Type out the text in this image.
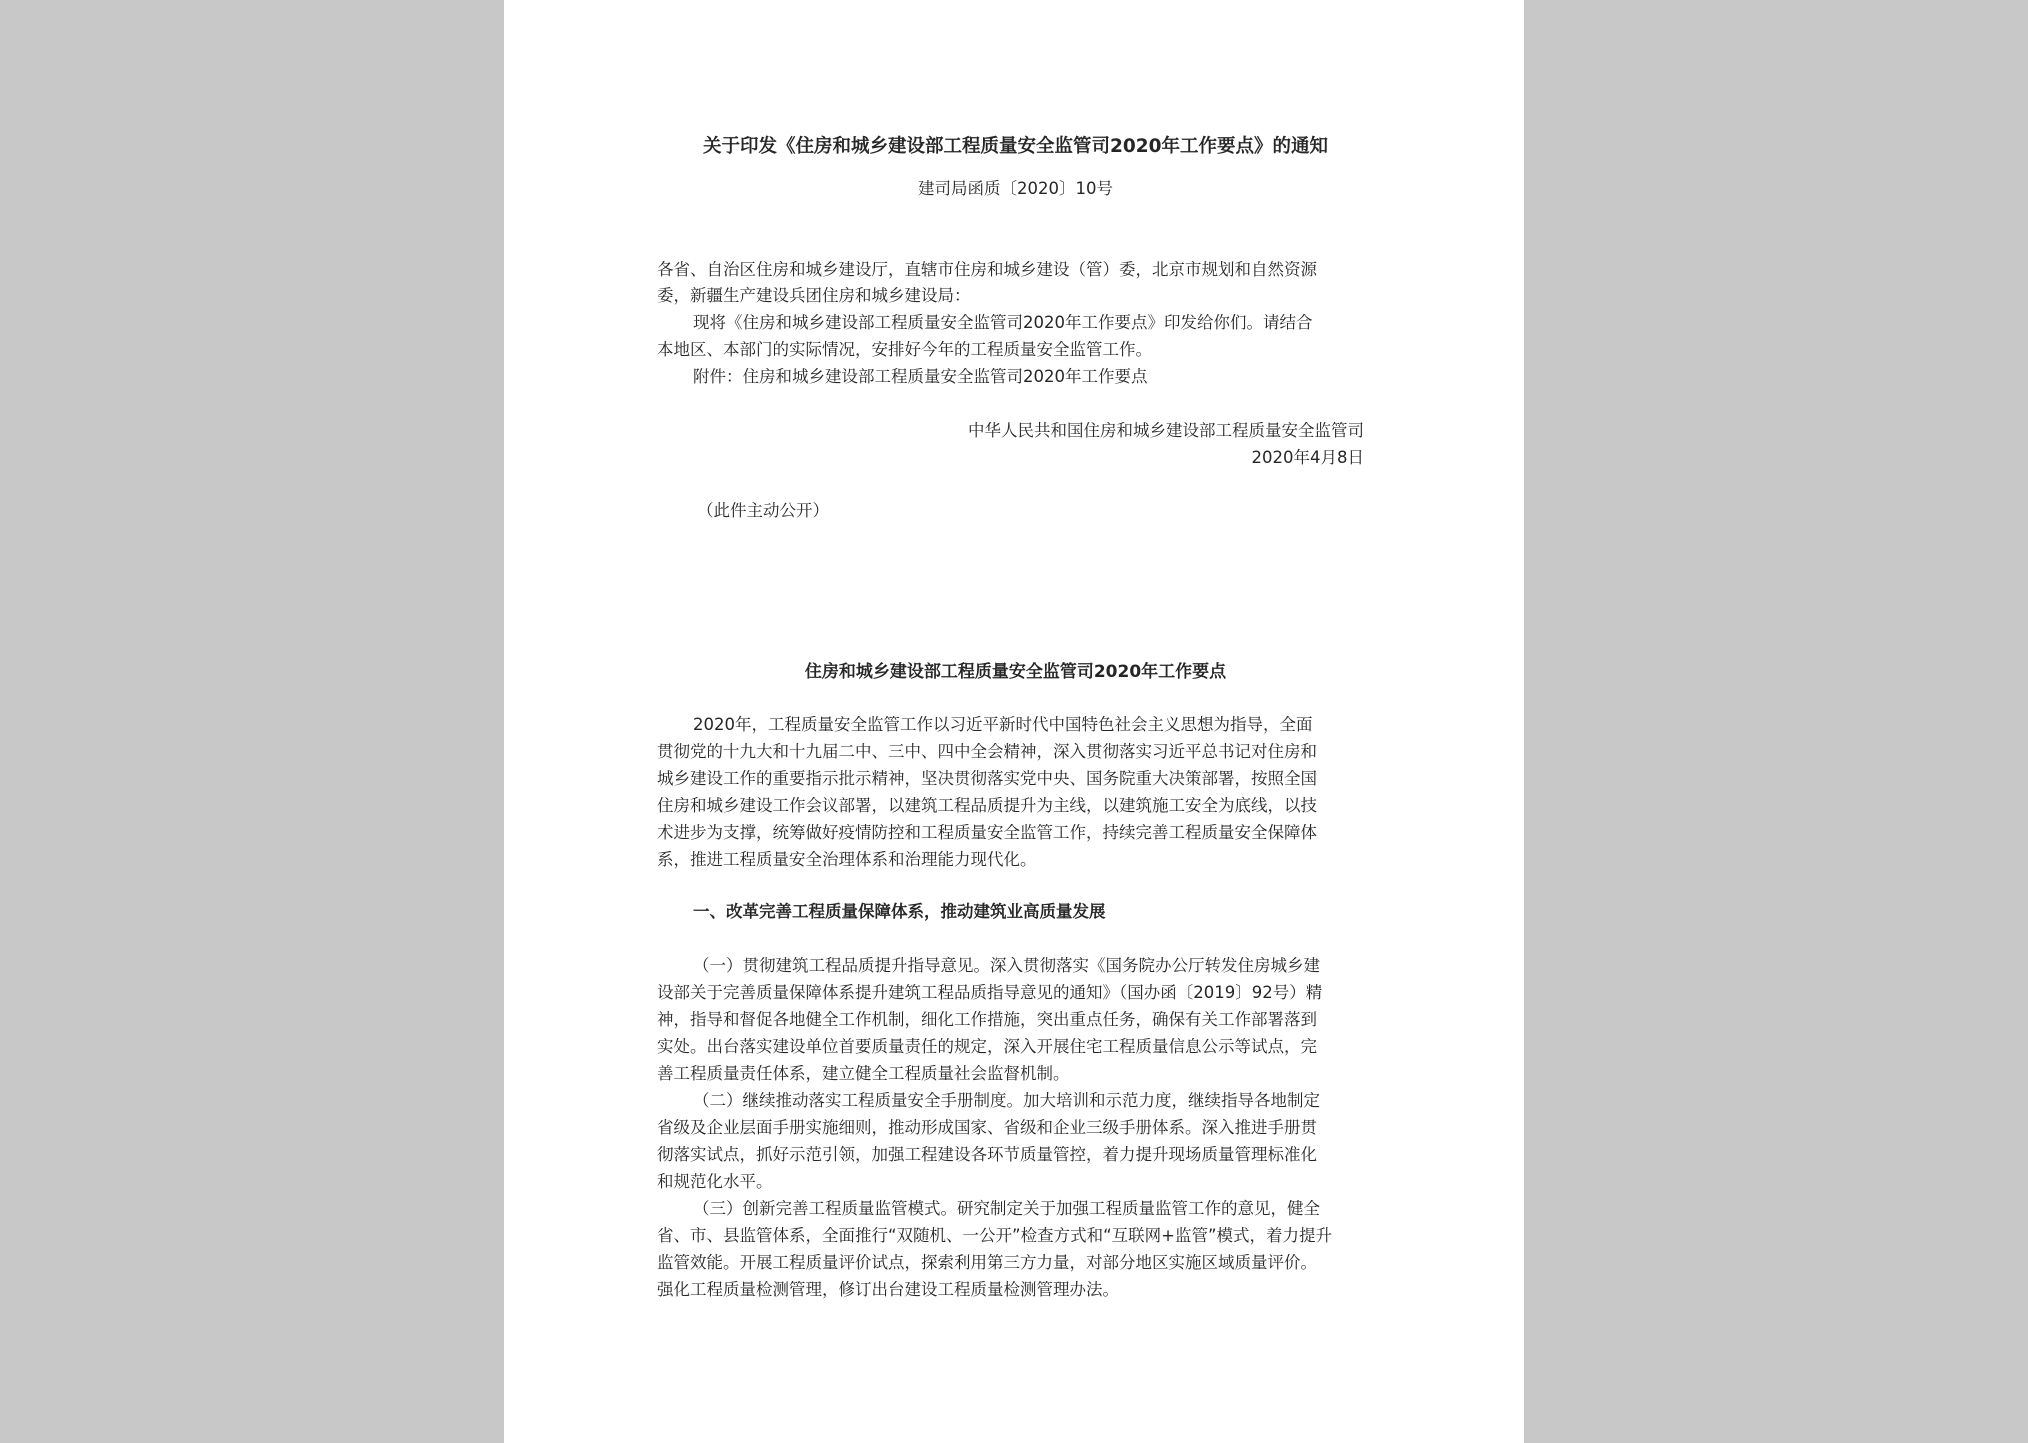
关于印发《住房和城乡建设部工程质量安全监管司2020年工作要点》的通知
建司局函质〔2020〕10号
各省、自治区住房和城乡建设厅，直辖市住房和城乡建设（管）委，北京市规划和自然资源
委，新疆生产建设兵团住房和城乡建设局：
现将《住房和城乡建设部工程质量安全监管司2020年工作要点》印发给你们。请结合
本地区、本部门的实际情况，安排好今年的工程质量安全监管工作。
附件：住房和城乡建设部工程质量安全监管司2020年工作要点
中华人民共和国住房和城乡建设部工程质量安全监管司
2020年4月8日
（此件主动公开）
住房和城乡建设部工程质量安全监管司2020年工作要点
2020年，工程质量安全监管工作以习近平新时代中国特色社会主义思想为指导，全面
贯彻党的十九大和十九届二中、三中、四中全会精神，深入贯彻落实习近平总书记对住房和
城乡建设工作的重要指示批示精神，坚决贯彻落实党中央、国务院重大决策部署，按照全国
住房和城乡建设工作会议部署，以建筑工程品质提升为主线，以建筑施工安全为底线，以技
术进步为支撑，统筹做好疫情防控和工程质量安全监管工作，持续完善工程质量安全保障体
系，推进工程质量安全治理体系和治理能力现代化。
一、改革完善工程质量保障体系，推动建筑业高质量发展
（一）贯彻建筑工程品质提升指导意见。深入贯彻落实《国务院办公厅转发住房城乡建
设部关于完善质量保障体系提升建筑工程品质指导意见的通知》（国办函〔2019〕92号）精
神，指导和督促各地健全工作机制，细化工作措施，突出重点任务，确保有关工作部署落到
实处。出台落实建设单位首要质量责任的规定，深入开展住宅工程质量信息公示等试点，完
善工程质量责任体系，建立健全工程质量社会监督机制。
（二）继续推动落实工程质量安全手册制度。加大培训和示范力度，继续指导各地制定
省级及企业层面手册实施细则，推动形成国家、省级和企业三级手册体系。深入推进手册贯
彻落实试点，抓好示范引领，加强工程建设各环节质量管控，着力提升现场质量管理标准化
和规范化水平。
（三）创新完善工程质量监管模式。研究制定关于加强工程质量监管工作的意见，健全
省、市、县监管体系，全面推行“双随机、一公开”检查方式和“互联网+监管”模式，着力提升
监管效能。开展工程质量评价试点，探索利用第三方力量，对部分地区实施区域质量评价。
强化工程质量检测管理，修订出台建设工程质量检测管理办法。
